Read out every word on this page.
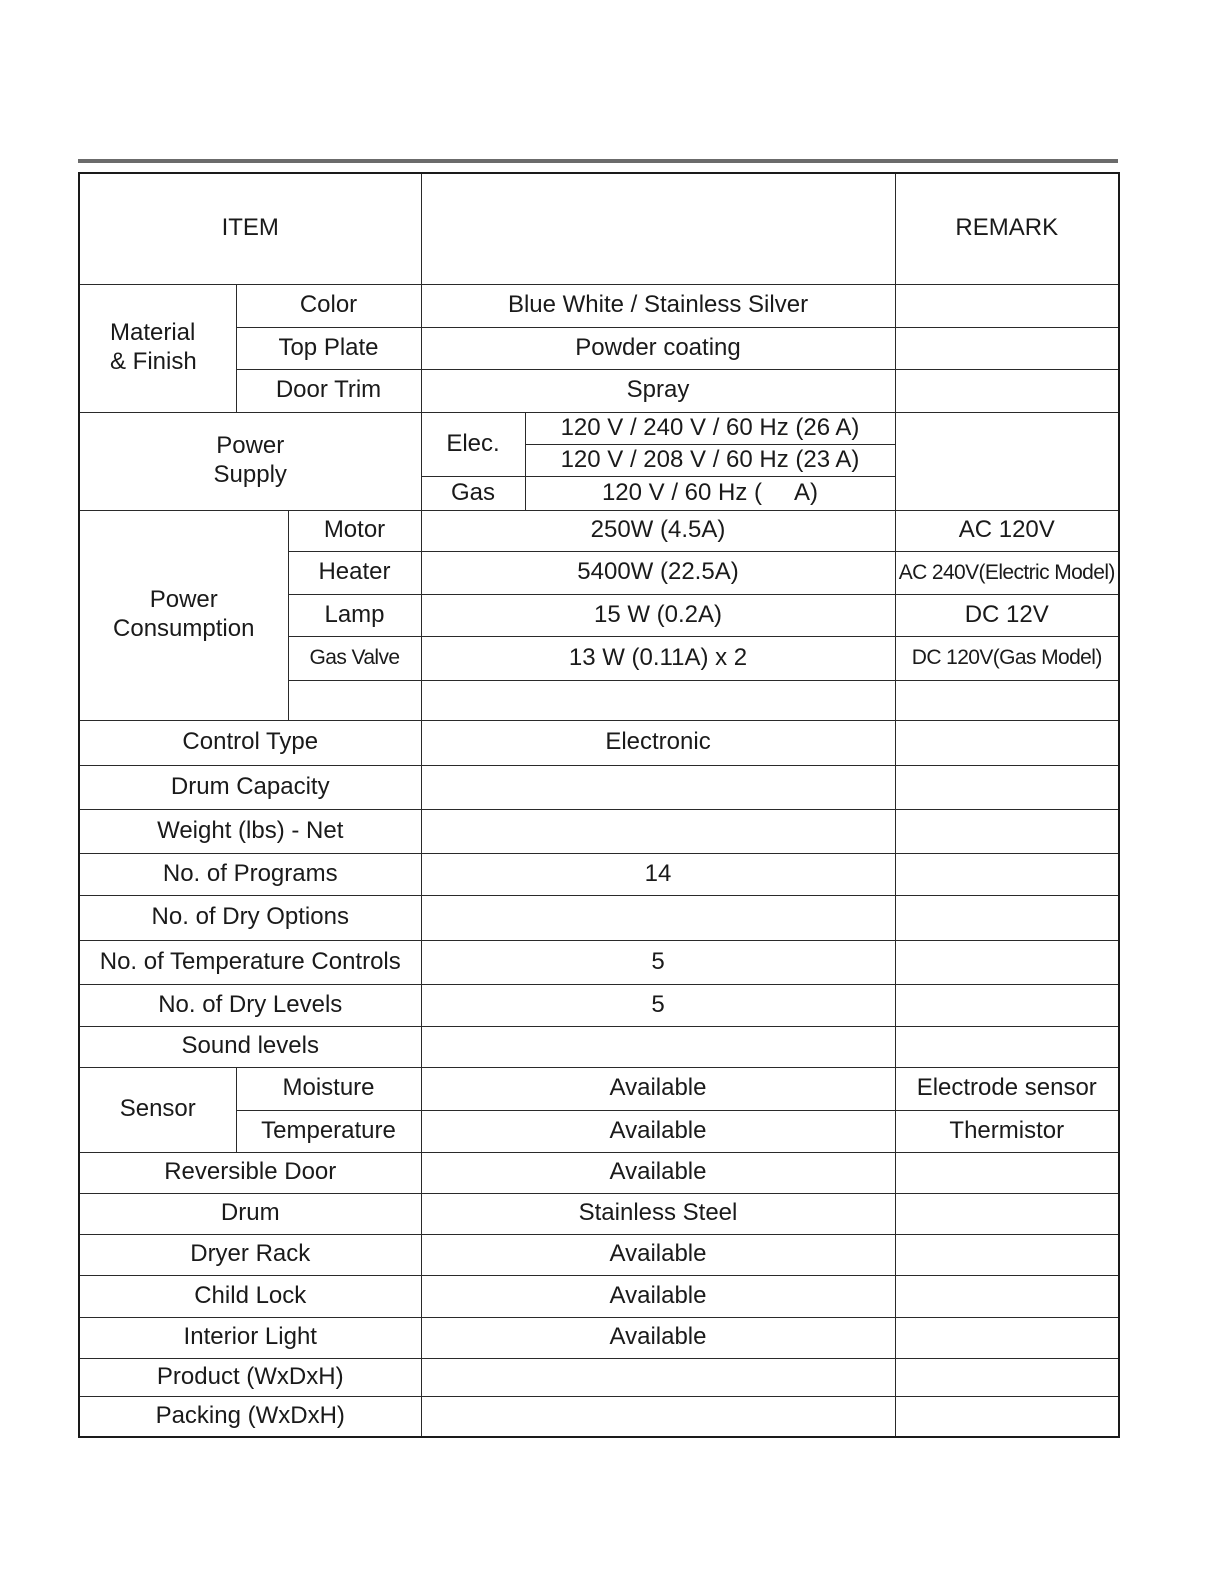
ITEM					REMARK
Material & Finish	Color		Blue White / Stainless Silver		
	Top Plate		Powder coating		
	Door Trim		Spray		
Power Supply			Elec.	120 V / 240 V / 60 Hz (26 A)	
				120 V / 208 V / 60 Hz (23 A)	
			Gas	120 V / 60 Hz (     A)	
Power Consumption		Motor	250W (4.5A)		AC 120V
		Heater	5400W (22.5A)		AC 240V(Electric Model)
		Lamp	15 W (0.2A)		DC 12V
		Gas Valve	13 W (0.11A) x 2		DC 120V(Gas Model)

Control Type			Electronic		
Drum Capacity					
Weight (lbs) - Net					
No. of Programs			14		
No. of Dry Options					
No. of Temperature Controls			5		
No. of Dry Levels			5		
Sound levels					
Sensor	Moisture		Available		Electrode sensor
	Temperature		Available		Thermistor
Reversible Door			Available		
Drum			Stainless Steel		
Dryer Rack			Available		
Child Lock			Available		
Interior Light			Available		
Product (WxDxH)					
Packing (WxDxH)					
